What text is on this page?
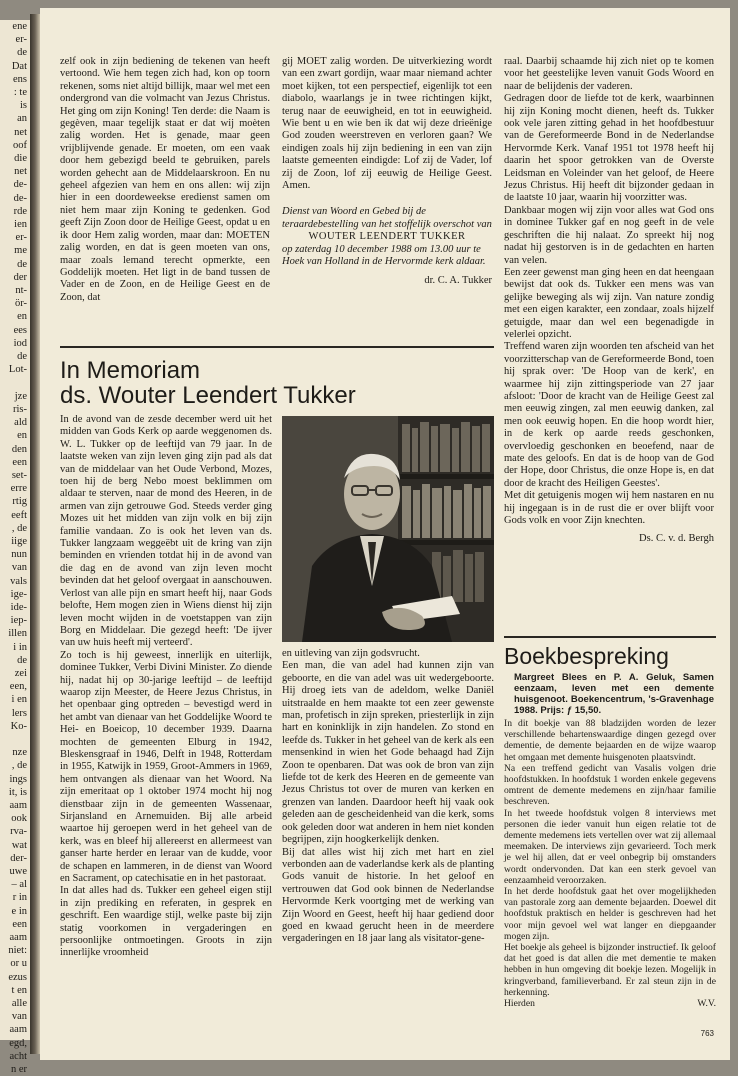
ene
er-
de
Dat
ens
: te
is
an
net
oof
die
net
de-
de-
rde
ien
er-
me
de
der
nt-
ör-
en
ees
iod
de
Lot-

jze
ris-
ald
en
den
een
set-
erre
rtig
eeft
, de
iige
nun
van
vals
ige-
ide-
iep-
illen
i in
de
zei
een,
i en
lers
Ko-

nze
, de
ings
it, is
aam
ook
rva-
wat
der-
uwe
– al
r in
e in
een
aam
niet:
or u
ezus
t en
alle
van
aam
egd,
acht
n er

zelf ook in zijn bediening de tekenen van heeft vertoond. Wie hem tegen zich had, kon op toorn rekenen, soms niet altijd billijk, maar wel met een ondergrond van die volmacht van Jezus Christus. Het ging om zijn Koning! Ten derde: die Naam is gegèven, maar tegelijk staat er dat wij moèten zalig worden. Het is genade, maar geen vrijblijvende genade. Er moeten, om een vaak door hem gebezigd beeld te gebruiken, parels worden gehecht aan de Middelaarskroon. En nu geheel afgezien van hem en ons allen: wij zijn hier in een doordeweekse eredienst samen om niet hem maar zijn Koning te gedenken. God geeft Zijn Zoon door de Heilige Geest, opdat u en ik door Hem zalig worden, maar dan: MOETEN zalig worden, en dat is geen moeten van ons, maar zoals lemand terecht opmerkte, een Goddelijk moeten. Het ligt in de band tussen de Vader en de Zoon, en de Heilige Geest en de Zoon, dat

gij MOET zalig worden. De uitverkiezing wordt van een zwart gordijn, waar maar niemand achter moet kijken, tot een perspectief, eigenlijk tot een diabolo, waarlangs je in twee richtingen kijkt, terug naar de eeuwigheid, en tot in eeuwigheid. Wie bent u en wie ben ik dat wij deze drieënige God zouden weerstreven en verloren gaan? We eindigen zoals hij zijn bediening in een van zijn laatste gemeenten eindigde: Lof zij de Vader, lof zij de Zoon, lof zij eeuwig de Heilige Geest. Amen.

Dienst van Woord en Gebed bij de teraardebestelling van het stoffelijk overschot van
WOUTER LEENDERT TUKKER
op zaterdag 10 december 1988 om 13.00 uur te Hoek van Holland in de Hervormde kerk aldaar.
dr. C. A. Tukker
In Memoriam
ds. Wouter Leendert Tukker

In de avond van de zesde december werd uit het midden van Gods Kerk op aarde weggenomen ds. W. L. Tukker op de leeftijd van 79 jaar. In de laatste weken van zijn leven ging zijn pad als dat van de middelaar van het Oude Verbond, Mozes, toen hij de berg Nebo moest beklimmen om aldaar te sterven, naar de mond des Heeren, in de armen van zijn getrouwe God. Steeds verder ging Mozes uit het midden van zijn volk en bij zijn familie vandaan. Zo is ook het leven van ds. Tukker langzaam weggeëbt uit de kring van zijn beminden en vrienden totdat hij in de avond van die dag en de avond van zijn leven mocht bevinden dat het geloof overgaat in aanschouwen. Verlost van alle pijn en smart heeft hij, naar Gods belofte, Hem mogen zien in Wiens dienst hij zijn leven mocht wijden in de voetstappen van zijn Borg en Middelaar. Die gezegd heeft: 'De ijver van uw huis heeft mij verteerd'.

Zo toch is hij geweest, innerlijk en uiterlijk, dominee Tukker, Verbi Divini Minister. Zo diende hij, nadat hij op 30-jarige leeftijd – de leeftijd waarop zijn Meester, de Heere Jezus Christus, in het openbaar ging optreden – bevestigd werd in het ambt van dienaar van het Goddelijke Woord te Hei- en Boeicop, 10 december 1939. Daarna mochten de gemeenten Elburg in 1942, Bleskensgraaf in 1946, Delft in 1948, Rotterdam in 1955, Katwijk in 1959, Groot-Ammers in 1969, hem ontvangen als dienaar van het Woord. Na zijn emeritaat op 1 oktober 1974 mocht hij nog dienstbaar zijn in de gemeenten Wassenaar, Sirjansland en Arnemuiden. Bij alle arbeid waartoe hij geroepen werd in het geheel van de kerk, was en bleef hij allereerst en allermeest van ganser harte herder en leraar van de kudde, voor de schapen en lammeren, in de dienst van Woord en Sacrament, op catechisatie en in het pastoraat.

In dat alles had ds. Tukker een geheel eigen stijl in zijn prediking en referaten, in gesprek en geschrift. Een waardige stijl, welke paste bij zijn statig voorkomen in vergaderingen en persoonlijke ontmoetingen. Groots in zijn innerlijke vroomheid

en uitleving van zijn godsvrucht.

Een man, die van adel had kunnen zijn van geboorte, en die van adel was uit wedergeboorte. Hij droeg iets van de adeldom, welke Daniël uitstraalde en hem maakte tot een zeer gewenste man, profetisch in zijn spreken, priesterlijk in zijn hart en koninklijk in zijn handelen. Zo stond en leefde ds. Tukker in het geheel van de kerk als een mensenkind in wien het Gode behaagd had Zijn Zoon te openbaren. Dat was ook de bron van zijn liefde tot de kerk des Heeren en de gemeente van Jezus Christus tot over de muren van kerken en grenzen van landen. Daardoor heeft hij vaak ook geleden aan de gescheidenheid van die kerk, soms ook geleden door wat anderen in hem niet konden begrijpen, zijn hoogkerkelijk denken.

Bij dat alles wist hij zich met hart en ziel verbonden aan de vaderlandse kerk als de planting Gods vanuit de historie. In het geloof en vertrouwen dat God ook binnen de Nederlandse Hervormde Kerk voortging met de werking van Zijn Woord en Geest, heeft hij haar gediend door goed en kwaad gerucht heen in de meerdere vergaderingen en 18 jaar lang als visitator-gene-

raal. Daarbij schaamde hij zich niet op te komen voor het geestelijke leven vanuit Gods Woord en naar de belijdenis der vaderen.

Gedragen door de liefde tot de kerk, waarbinnen hij zijn Koning mocht dienen, heeft ds. Tukker ook vele jaren zitting gehad in het hoofdbestuur van de Gereformeerde Bond in de Nederlandse Hervormde Kerk. Vanaf 1951 tot 1978 heeft hij daarin het spoor getrokken van de Overste Leidsman en Voleinder van het geloof, de Heere Jezus Christus. Hij heeft dit bijzonder gedaan in de laatste 10 jaar, waarin hij voorzitter was.

Dankbaar mogen wij zijn voor alles wat God ons in dominee Tukker gaf en nog geeft in de vele geschriften die hij nalaat. Zo spreekt hij nog nadat hij gestorven is in de gedachten en harten van velen.

Een zeer gewenst man ging heen en dat heengaan bewijst dat ook ds. Tukker een mens was van gelijke beweging als wij zijn. Van nature zondig met een eigen karakter, een zondaar, zoals hijzelf getuigde, maar dan wel een begenadigde in velerlei opzicht.

Treffend waren zijn woorden ten afscheid van het voorzitterschap van de Gereformeerde Bond, toen hij sprak over: 'De Hoop van de kerk', en waarmee hij zijn zittingsperiode van 27 jaar afsloot: 'Door de kracht van de Heilige Geest zal men eeuwig zingen, zal men eeuwig danken, zal men ook eeuwig hopen. En die hoop wordt hier, in de kerk op aarde reeds geschonken, overvloedig geschonken en beoefend, naar de mate des geloofs. En dat is de hoop van de God der Hope, door Christus, die onze Hope is, en dat door de kracht des Heiligen Geestes'.

Met dit getuigenis mogen wij hem nastaren en nu hij ingegaan is in de rust die er over blijft voor Gods volk en voor Zijn knechten.

Ds. C. v. d. Bergh
Boekbespreking
Margreet Blees en P. A. Geluk, Samen eenzaam, leven met een demente huisgenoot. Boekencentrum, 's-Gravenhage 1988. Prijs: ƒ 15,50.

In dit boekje van 88 bladzijden worden de lezer verschillende behartenswaardige dingen gezegd over dementie, de demente bejaarden en de wijze waarop het omgaan met demente huisgenoten plaatsvindt.

Na een treffend gedicht van Vasalis volgen drie hoofdstukken. In hoofdstuk 1 worden enkele gegevens omtrent de demente medemens en zijn/haar familie beschreven.

In het tweede hoofdstuk volgen 8 interviews met personen die ieder vanuit hun eigen relatie tot de demente medemens iets vertellen over wat zij allemaal meemaken. De interviews zijn gevarieerd. Toch merk je wel hij allen, dat er veel onbegrip bij omstanders wordt ondervonden. Dat kan een sterk gevoel van eenzaamheid veroorzaken.

In het derde hoofdstuk gaat het over mogelijkheden van pastorale zorg aan demente bejaarden. Doewel dit hoofdstuk praktisch en helder is geschreven had het voor mijn gevoel wel wat langer en diepgaander mogen zijn.

Het boekje als geheel is bijzonder instructief. Ik geloof dat het goed is dat allen die met dementie te maken hebben in hun omgeving dit boekje lezen. Mogelijk in kringverband, familieverband. Er zal steun zijn in de herkenning.

Hierden	W.V.
763
